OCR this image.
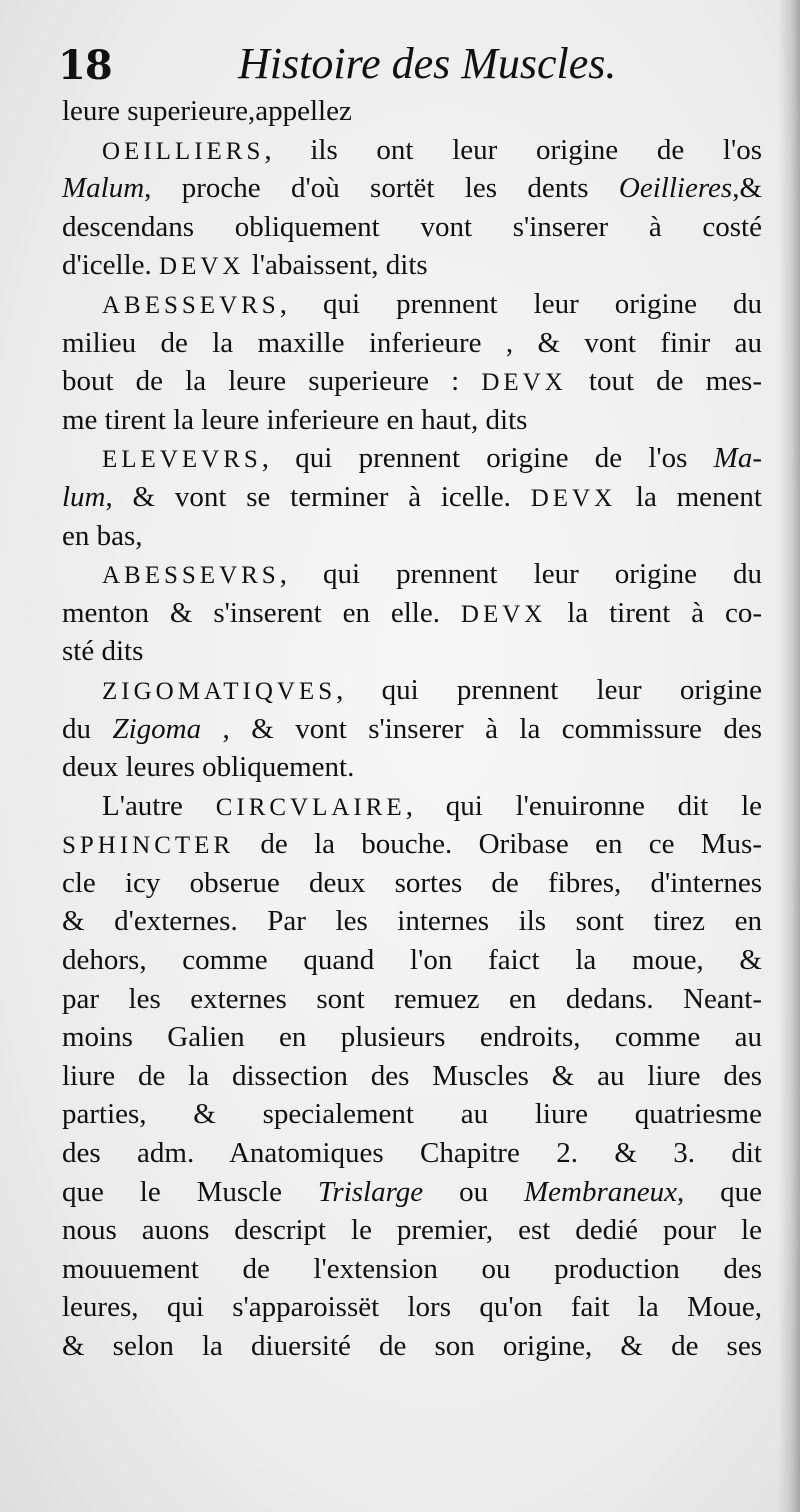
18	Histoire des Muscles.
leure superieure,appellez
OEILLIERS, ils ont leur origine de l'os
Malum, proche d'où sortët les dents Oeillieres,&
descendans obliquement vont s'inserer à costé
d'icelle. DEVX l'abaissent, dits
ABESSEVRS, qui prennent leur origine du
milieu de la maxille inferieure , & vont finir au
bout de la leure superieure : DEVX tout de mes-
me tirent la leure inferieure en haut, dits
ELEVEVRS, qui prennent origine de l'os Ma-
lum, & vont se terminer à icelle. DEVX la menent
en bas,
ABESSEVRS, qui prennent leur origine du
menton & s'inserent en elle. DEVX la tirent à co-
sté dits
ZIGOMATIQVES, qui prennent leur origine
du Zigoma , & vont s'inserer à la commissure des
deux leures obliquement.
L'autre CIRCVLAIRE, qui l'enuironne dit le
SPHINCTER de la bouche. Oribase en ce Mus-
cle icy obserue deux sortes de fibres, d'internes
& d'externes. Par les internes ils sont tirez en
dehors, comme quand l'on faict la moue, &
par les externes sont remuez en dedans. Neant-
moins Galien en plusieurs endroits, comme au
liure de la dissection des Muscles & au liure des
parties, & specialement au liure quatriesme
des adm. Anatomiques Chapitre 2. & 3. dit
que le Muscle Trislarge ou Membraneux, que
nous auons descript le premier, est dedié pour le
mouuement de l'extension ou production des
leures, qui s'apparoissët lors qu'on fait la Moue,
& selon la diuersité de son origine, & de ses
